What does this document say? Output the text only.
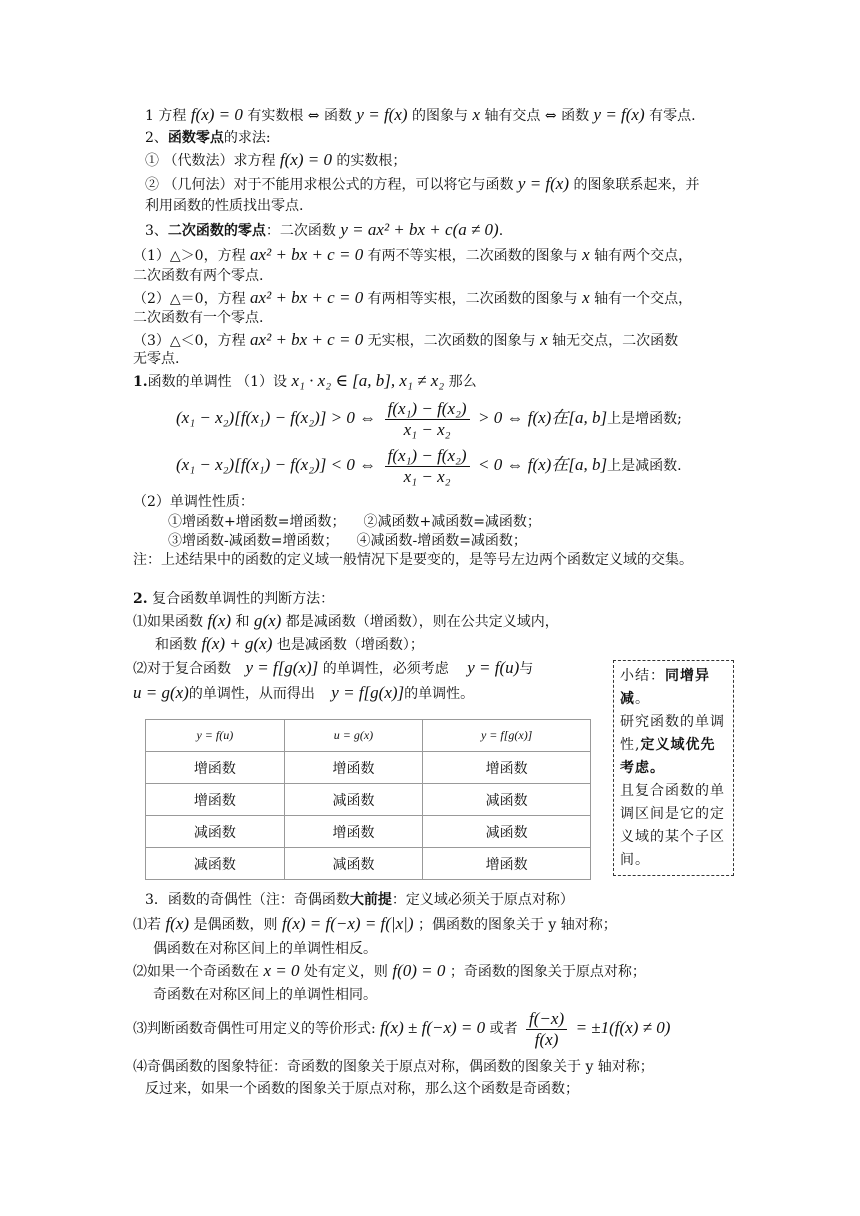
1 方程 f(x) = 0 有实数根 ⇔ 函数 y = f(x) 的图象与 x 轴有交点 ⇔ 函数 y = f(x) 有零点.
2、函数零点的求法:
① （代数法）求方程 f(x) = 0 的实数根；
② （几何法）对于不能用求根公式的方程，可以将它与函数 y = f(x) 的图象联系起来，并
利用函数的性质找出零点.
3、二次函数的零点：二次函数 y = ax² + bx + c(a ≠ 0).
（1）△＞0，方程 ax² + bx + c = 0 有两不等实根，二次函数的图象与 x 轴有两个交点，
二次函数有两个零点.
（2）△＝0，方程 ax² + bx + c = 0 有两相等实根，二次函数的图象与 x 轴有一个交点，
二次函数有一个零点.
（3）△＜0，方程 ax² + bx + c = 0 无实根，二次函数的图象与 x 轴无交点，二次函数
无零点.
1.函数的单调性 （1）设 x₁ · x₂ ∈ [a, b], x₁ ≠ x₂ 那么
(x₁ − x₂)[f(x₁) − f(x₂)] > 0 ⇔ $\frac{\text{f(x₁) − f(x₂)}}{\text{x₁ − x₂}} > 0$ ⇔ f(x)在[a, b]上是增函数;
(x₁ − x₂)[f(x₁) − f(x₂)] < 0 ⇔ $\frac{\text{f(x₁) − f(x₂)}}{\text{x₁ − x₂}} < 0$ ⇔ f(x)在[a, b]上是减函数.
（2）单调性性质：
①增函数+增函数=增函数； ②减函数+减函数=减函数；
③增函数-减函数=增函数； ④减函数-增函数=减函数；
注：上述结果中的函数的定义域一般情况下是要变的，是等号左边两个函数定义域的交集。
2. 复合函数单调性的判断方法：
⑴如果函数 f(x) 和 g(x) 都是减函数（增函数），则在公共定义域内，
和函数 f(x) + g(x) 也是减函数（增函数）；
⑵对于复合函数 y = f[g(x)] 的单调性，必须考虑 y = f(u)与
u = g(x)的单调性，从而得出 y = f[g(x)]的单调性。
y = f(u)	u = g(x)	y = f[g(x)]
增函数	增函数	增函数
增函数	减函数	减函数
减函数	增函数	减函数
减函数	减函数	增函数
小结：同增异减。
研究函数的单调性,定义域优先考虑。
且复合函数的单调区间是它的定义域的某个子区间。
3．函数的奇偶性（注：奇偶函数大前提：定义域必须关于原点对称）
⑴若 f(x) 是偶函数，则 f(x) = f(−x) = f(|x|) ；偶函数的图象关于 y 轴对称；
偶函数在对称区间上的单调性相反。
⑵如果一个奇函数在 x = 0 处有定义，则 f(0) = 0 ；奇函数的图象关于原点对称；
奇函数在对称区间上的单调性相同。
⑶判断函数奇偶性可用定义的等价形式: f(x) ± f(−x) = 0 或者 $\frac{f(-x)}{f(x)} = \pm 1(f(x) \ne 0)$
⑷奇偶函数的图象特征：奇函数的图象关于原点对称，偶函数的图象关于 y 轴对称；
反过来，如果一个函数的图象关于原点对称，那么这个函数是奇函数；
